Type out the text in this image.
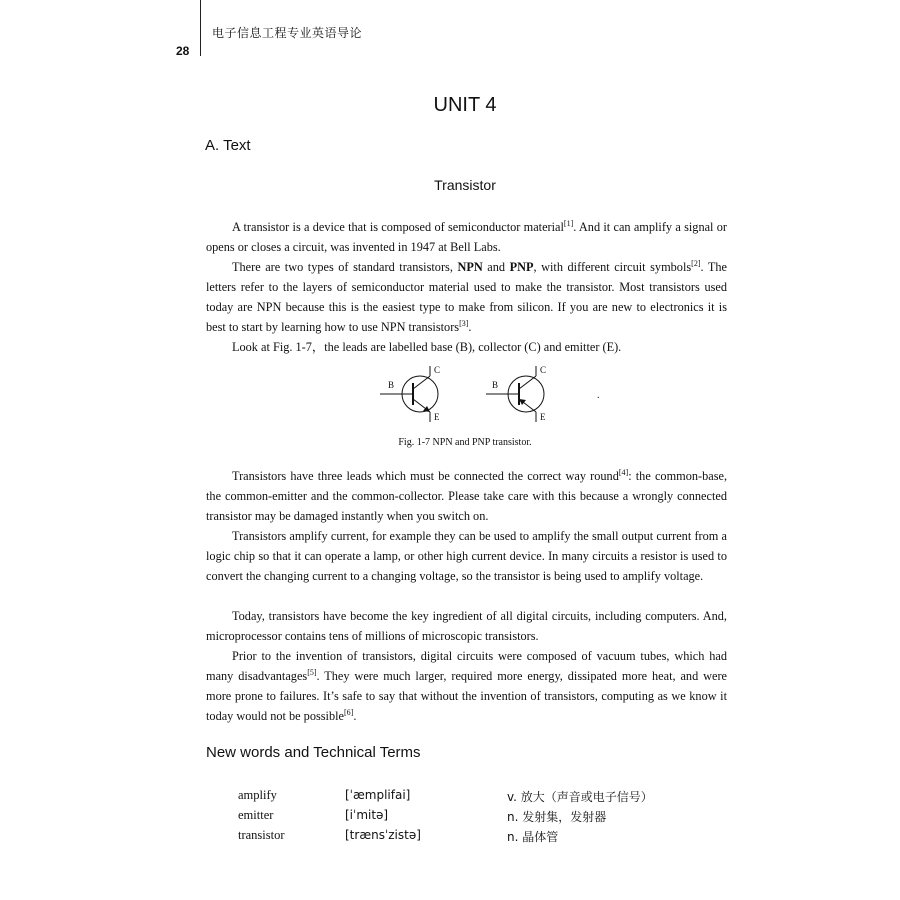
28
电子信息工程专业英语导论
UNIT 4
A. Text
Transistor

A transistor is a device that is composed of semiconductor material[1]. And it can amplify a signal or opens or closes a circuit, was invented in 1947 at Bell Labs.

There are two types of standard transistors, NPN and PNP, with different circuit symbols[2]. The letters refer to the layers of semiconductor material used to make the transistor. Most transistors used today are NPN because this is the easiest type to make from silicon. If you are new to electronics it is best to start by learning how to use NPN transistors[3].

Look at Fig. 1-7，the leads are labelled base (B), collector (C) and emitter (E).

B
C
E
B
C
E
.
Fig. 1-7 NPN and PNP transistor.

Transistors have three leads which must be connected the correct way round[4]: the common-base, the common-emitter and the common-collector. Please take care with this because a wrongly connected transistor may be damaged instantly when you switch on.

Transistors amplify current, for example they can be used to amplify the small output current from a logic chip so that it can operate a lamp, or other high current device. In many circuits a resistor is used to convert the changing current to a changing voltage, so the transistor is being used to amplify voltage.

Today, transistors have become the key ingredient of all digital circuits, including computers. And, microprocessor contains tens of millions of microscopic transistors.

Prior to the invention of transistors, digital circuits were composed of vacuum tubes, which had many disadvantages[5]. They were much larger, required more energy, dissipated more heat, and were more prone to failures. It’s safe to say that without the invention of transistors, computing as we know it today would not be possible[6].

New words and Technical Terms
amplify	[ˈæmplifai]	v. 放大（声音或电子信号）
emitter	[iˈmitə]	n. 发射集，发射器
transistor	[trænsˈzistə]	n. 晶体管
